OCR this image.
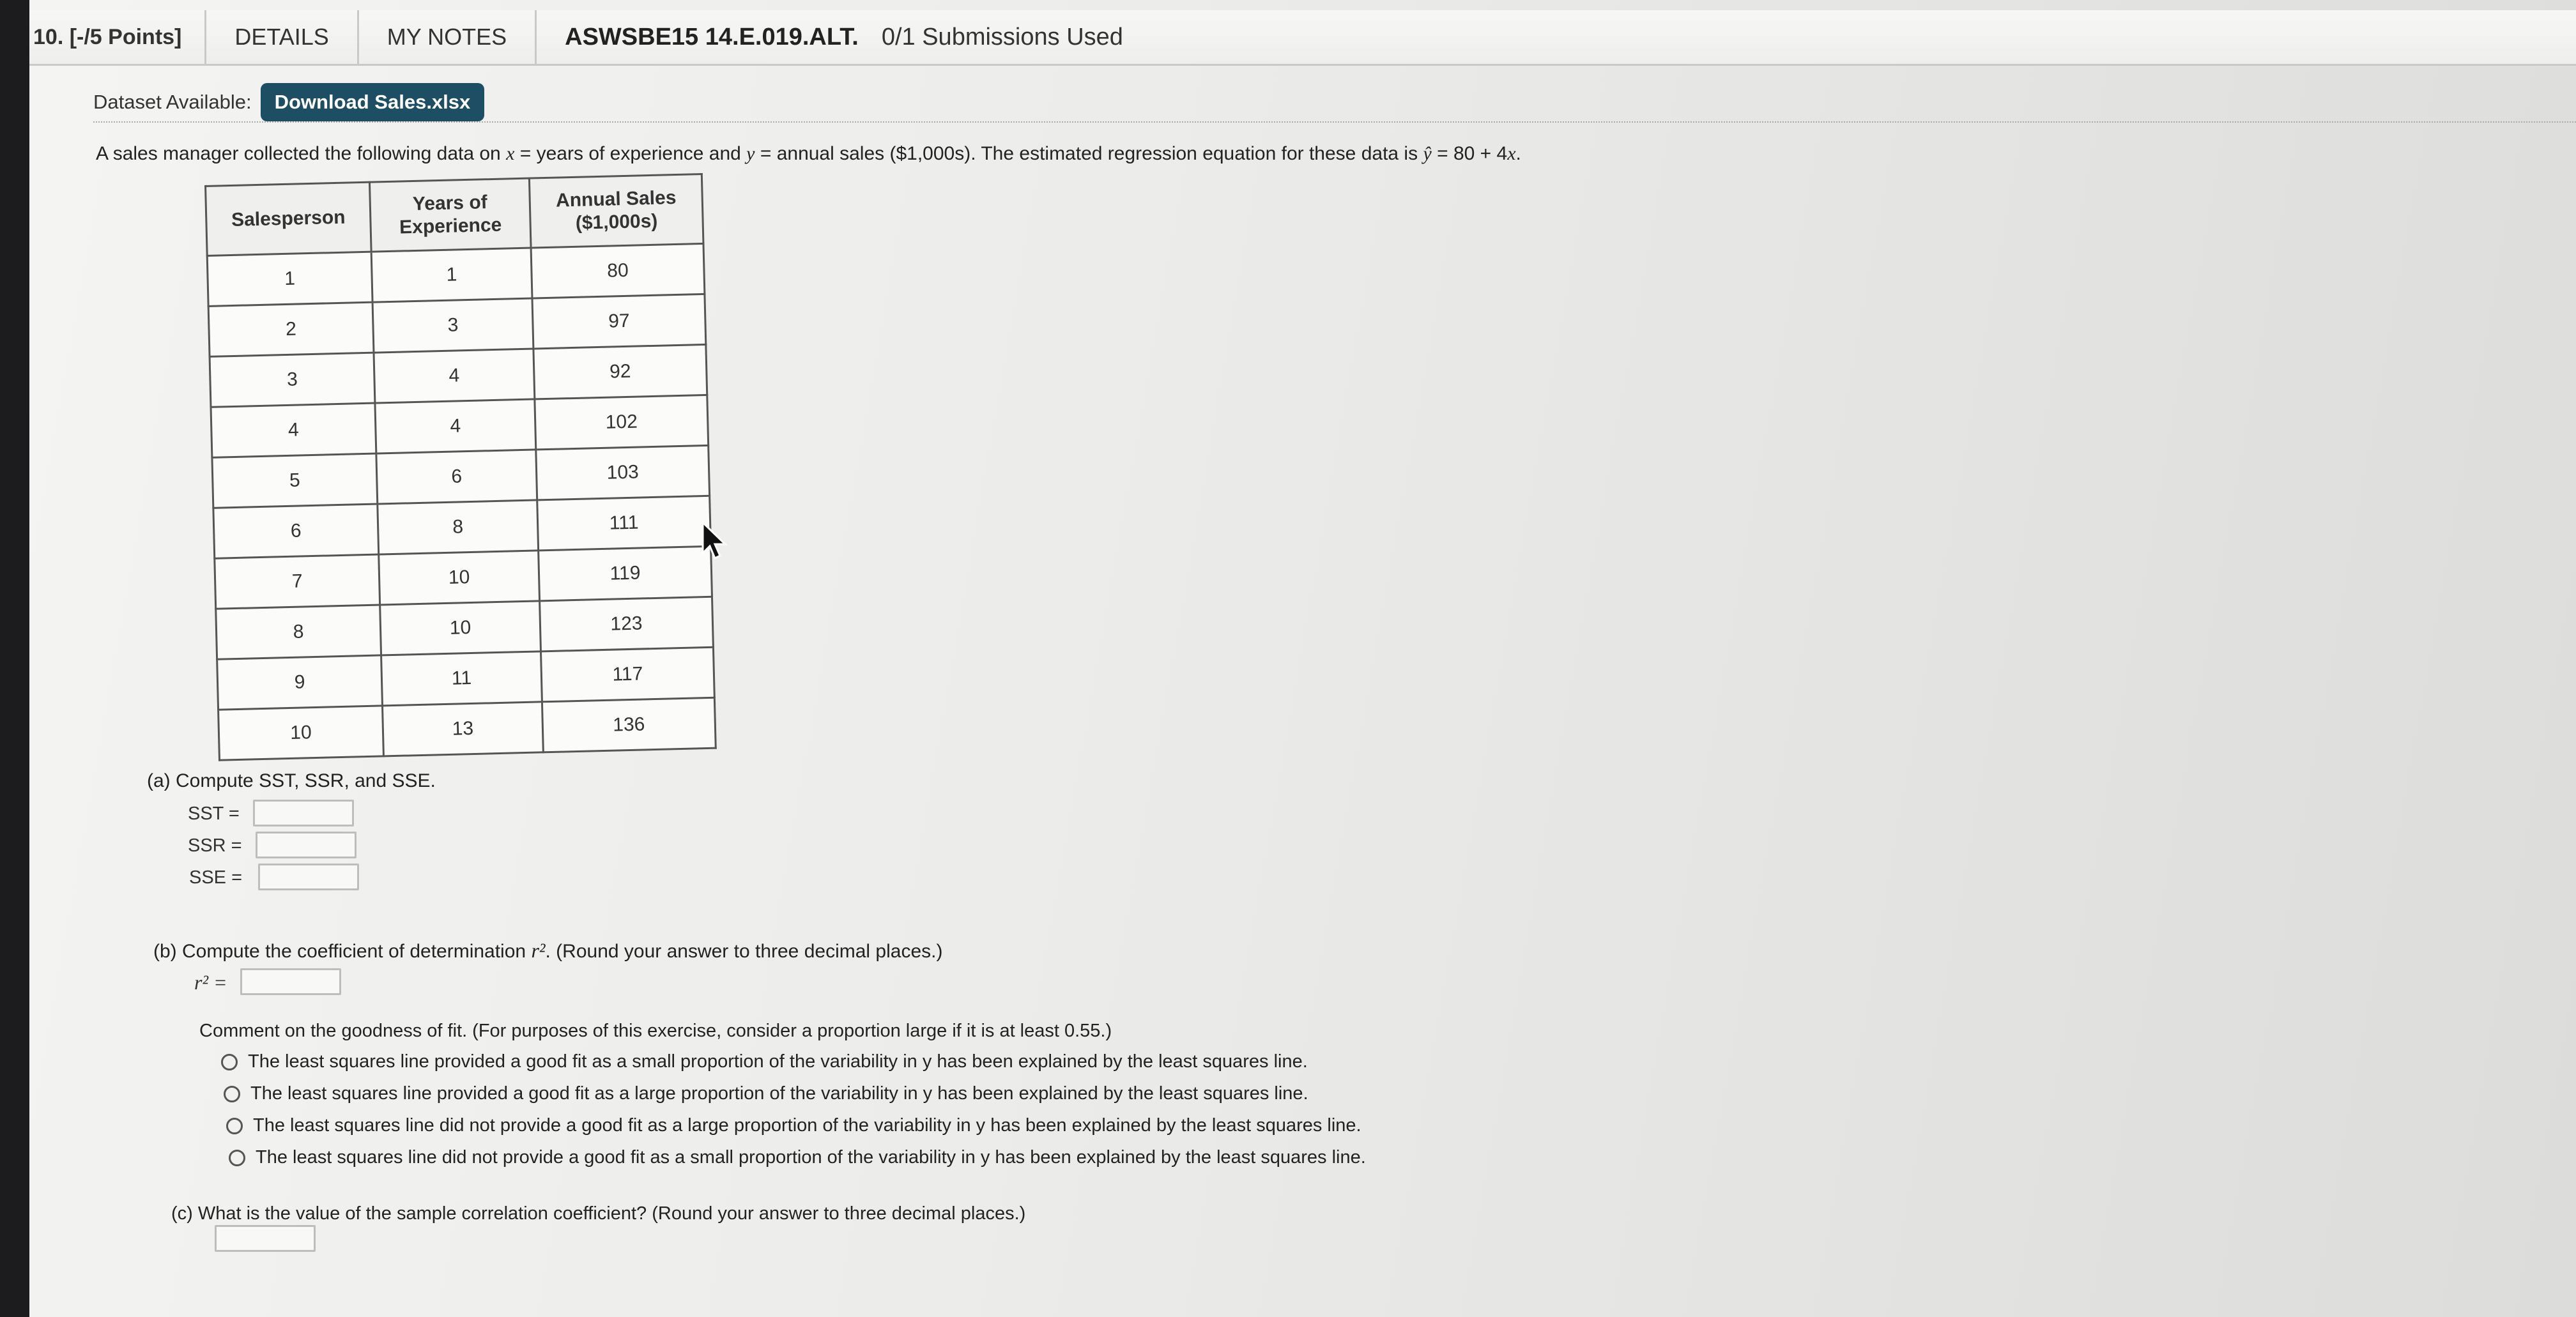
10. [-/5 Points]	DETAILS	MY NOTES	ASWSBE15 14.E.019.ALT. 0/1 Submissions Used
Dataset Available:	Download Sales.xlsx
A sales manager collected the following data on x = years of experience and y = annual sales ($1,000s). The estimated regression equation for these data is ŷ = 80 + 4x.
Salesperson	Years of Experience	Annual Sales ($1,000s)
1	1	80
2	3	97
3	4	92
4	4	102
5	6	103
6	8	111
7	10	119
8	10	123
9	11	117
10	13	136
(a) Compute SST, SSR, and SSE.
SST =
SSR =
SSE =
(b) Compute the coefficient of determination r². (Round your answer to three decimal places.)
r² =
Comment on the goodness of fit. (For purposes of this exercise, consider a proportion large if it is at least 0.55.)
The least squares line provided a good fit as a small proportion of the variability in y has been explained by the least squares line.
The least squares line provided a good fit as a large proportion of the variability in y has been explained by the least squares line.
The least squares line did not provide a good fit as a large proportion of the variability in y has been explained by the least squares line.
The least squares line did not provide a good fit as a small proportion of the variability in y has been explained by the least squares line.
(c) What is the value of the sample correlation coefficient? (Round your answer to three decimal places.)
